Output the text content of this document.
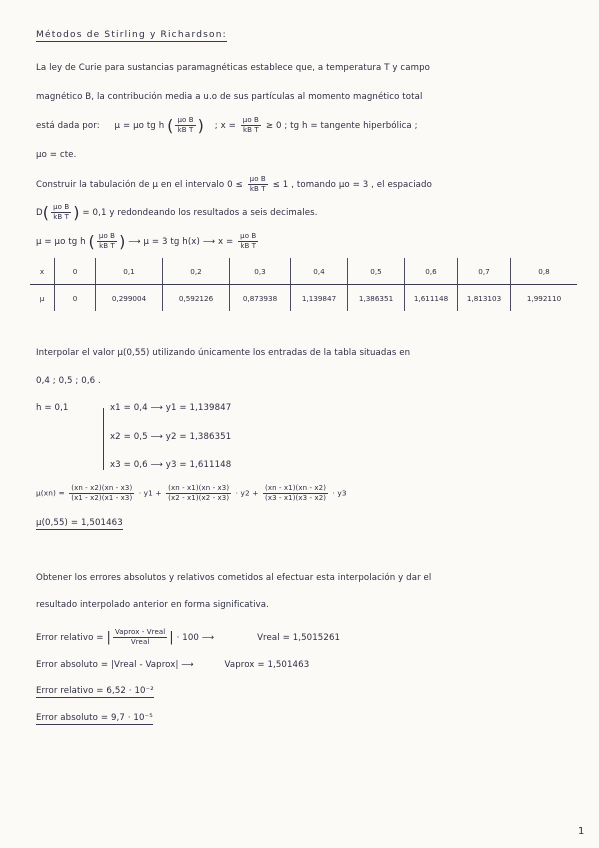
Métodos de Stirling y Richardson:
La ley de Curie para sustancias paramagnéticas establece que, a temperatura T y campo
magnético B, la contribución media a u.o de sus partículas al momento magnético total
está dada por: μ = μo tg h ( $\frac{\text{μo B}}{\text{kB T}}$ ) ; $x = \frac{\text{μo B}}{\text{kB T}} \ge 0$ ; tg h = tangente hiperbólica ;
μo = cte.
Construir la tabulación de μ en el intervalo $0 \le \frac{\text{μo B}}{\text{kB T}} \le 1$ , tomando μo = 3 , el espaciado
$D( \frac{\text{μo B}}{\text{kB T}}$ ) = 0,1 y redondeando los resultados a seis decimales.
μ = μo tg h ( $\frac{\text{μo B}}{\text{kB T}}$ ) ⟶ μ = 3 tg h(x) ⟶ $x = \frac{\text{μo B}}{\text{kB T}}$
x	0	0,1	0,2	0,3	0,4	0,5	0,6	0,7	0,8
μ	0	0,299004	0,592126	0,873938	1,139847	1,386351	1,611148	1,813103	1,992110
Interpolar el valor μ(0,55) utilizando únicamente los entradas de la tabla situadas en
0,4 ; 0,5 ; 0,6 .
h = 0,1	x1 = 0,4 ⟶ y1 = 1,139847
x2 = 0,5 ⟶ y2 = 1,386351
x3 = 0,6 ⟶ y3 = 1,611148
$\mu(xn) = \frac{(xn - x2)(xn - x3)}{(x1 - x2)(x1 - x3)} \cdot y1 + \frac{(xn - x1)(xn - x3)}{(x2 - x1)(x2 - x3)} \cdot y2 + \frac{(xn - x1)(xn - x2)}{(x3 - x1)(x3 - x2)} \cdot y3$
μ(0,55) = 1,501463
Obtener los errores absolutos y relativos cometidos al efectuar esta interpolación y dar el
resultado interpolado anterior en forma significativa.
Error relativo = | $\frac{\text{Vaprox - Vreal}}{\text{Vreal}}$ | · 100 ⟶	Vreal = 1,5015261
Error absoluto = |Vreal - Vaprox| ⟶	Vaprox = 1,501463
Error relativo = 6,52 · 10⁻²
Error absoluto = 9,7 · 10⁻⁵
1
